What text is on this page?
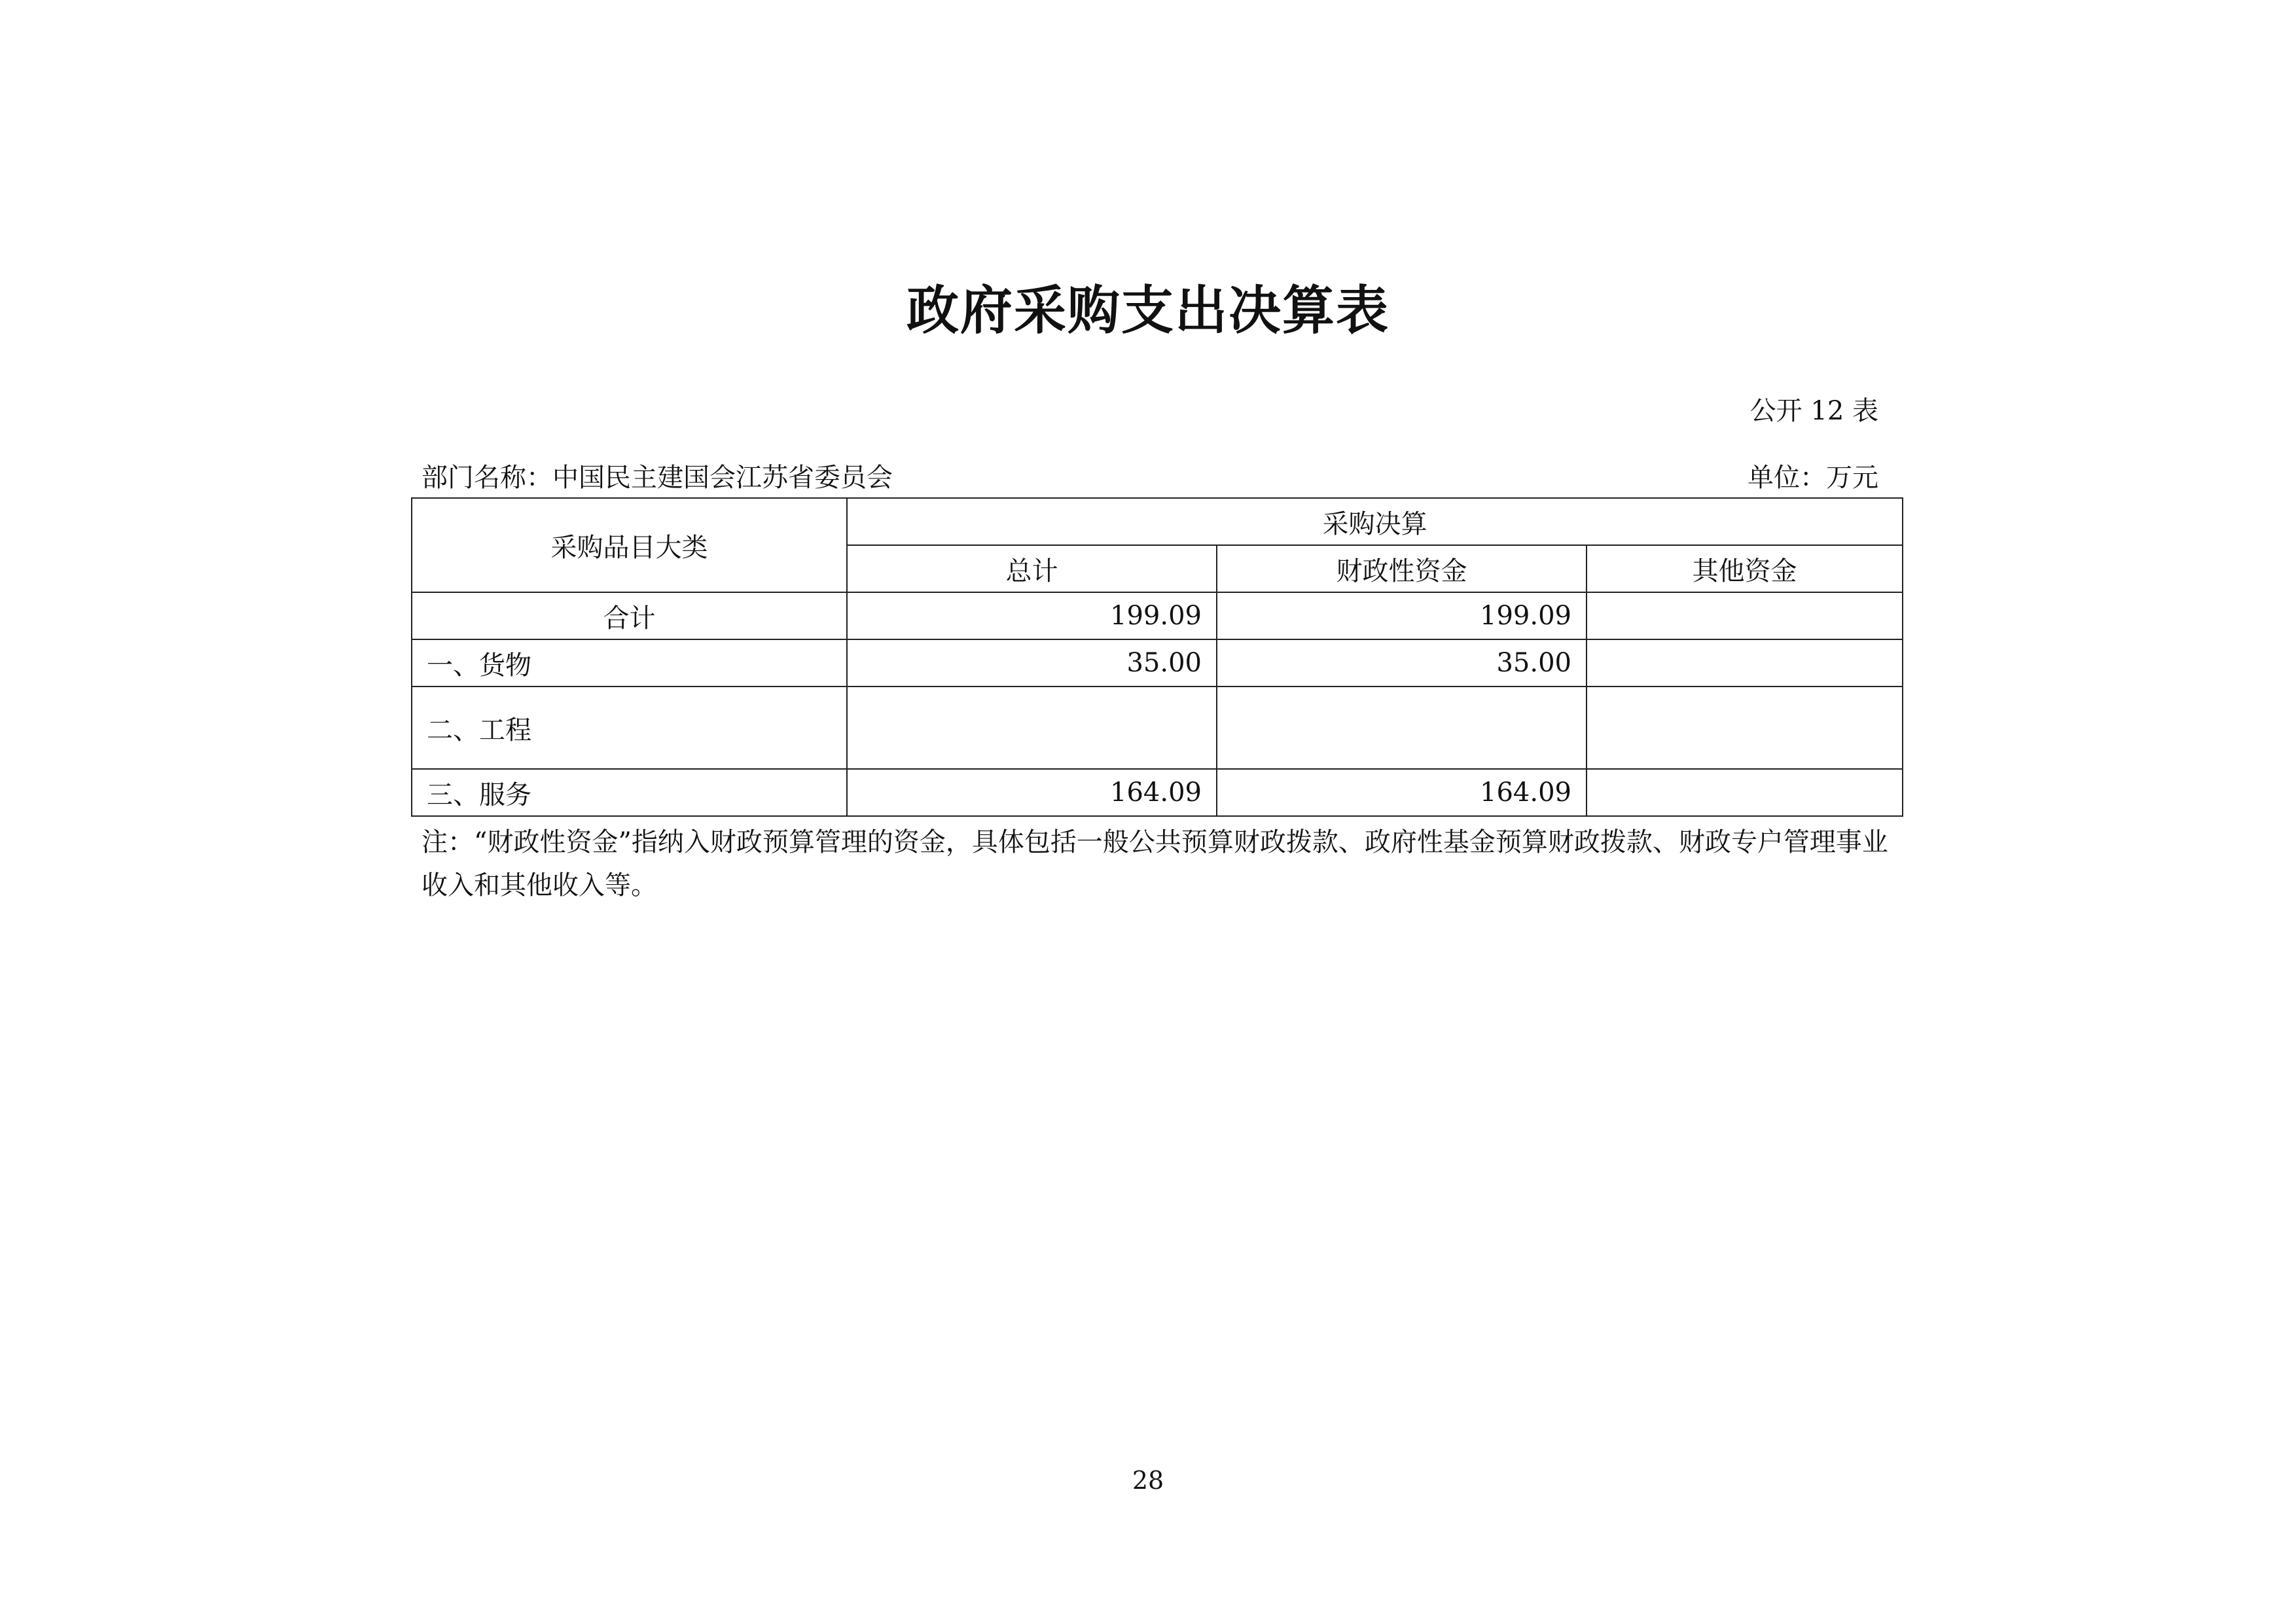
政府采购支出决算表
公开 12 表
部门名称：中国民主建国会江苏省委员会	单位：万元
采购品目大类	采购决算		
	总计	财政性资金	其他资金
合计	199.09	199.09	
一、货物	35.00	35.00	
二、工程			
三、服务	164.09	164.09	
注：“财政性资金”指纳入财政预算管理的资金，具体包括一般公共预算财政拨款、政府性基金预算财政拨款、财政专户管理事业收入和其他收入等。
28
